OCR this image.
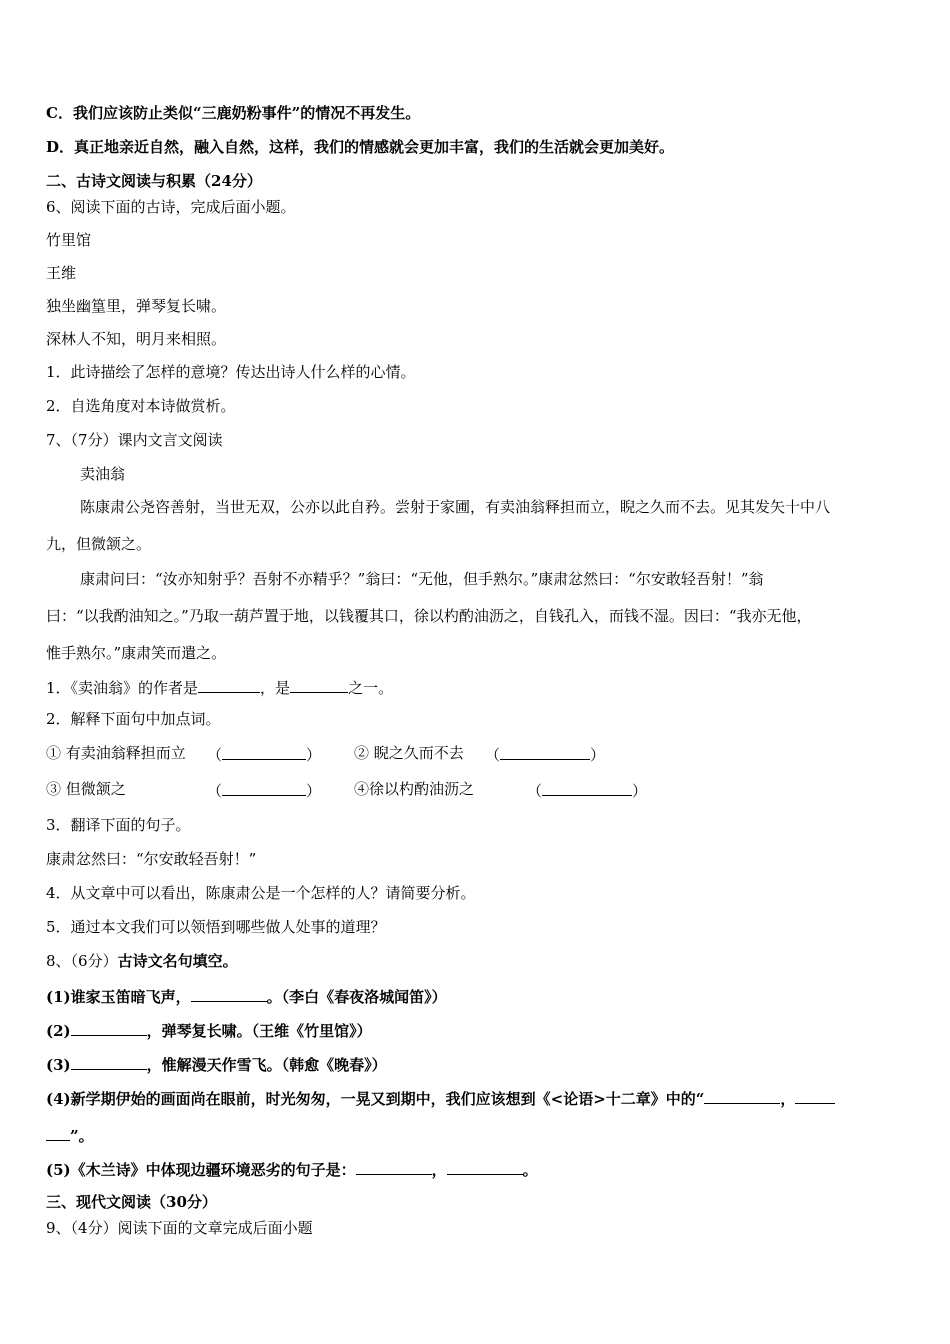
C．我们应该防止类似“三鹿奶粉事件”的情况不再发生。
D．真正地亲近自然，融入自然，这样，我们的情感就会更加丰富，我们的生活就会更加美好。
二、古诗文阅读与积累（24分）
6、阅读下面的古诗，完成后面小题。
竹里馆
王维
独坐幽篁里，弹琴复长啸。
深林人不知，明月来相照。
1．此诗描绘了怎样的意境？传达出诗人什么样的心情。
2．自选角度对本诗做赏析。
7、（7分）课内文言文阅读
卖油翁
陈康肃公尧咨善射，当世无双，公亦以此自矜。尝射于家圃，有卖油翁释担而立，睨之久而不去。见其发矢十中八
九，但微颔之。
康肃问曰：“汝亦知射乎？吾射不亦精乎？”翁曰：“无他，但手熟尔。”康肃忿然曰：“尔安敢轻吾射！”翁
曰：“以我酌油知之。”乃取一葫芦置于地，以钱覆其口，徐以杓酌油沥之，自钱孔入，而钱不湿。因曰：“我亦无他，
惟手熟尔。”康肃笑而遣之。
1．《卖油翁》的作者是	，是	之一。
2．解释下面句中加点词。
① 有卖油翁释担而立 （	） ② 睨之久而不去 （	）
③ 但微颔之	（	） ④徐以杓酌油沥之	（	）
3．翻译下面的句子。
康肃忿然曰：“尔安敢轻吾射！”
4．从文章中可以看出，陈康肃公是一个怎样的人？请简要分析。
5．通过本文我们可以领悟到哪些做人处事的道理？
8、（6分）古诗文名句填空。
(1)谁家玉笛暗飞声，	。（李白《春夜洛城闻笛》）
(2)	，弹琴复长啸。（王维《竹里馆》）
(3)	，惟解漫天作雪飞。（韩愈《晚春》）
(4)新学期伊始的画面尚在眼前，时光匆匆，一晃又到期中，我们应该想到《<论语>十二章》中的“	，
”。
(5)《木兰诗》中体现边疆环境恶劣的句子是：	，	。
三、现代文阅读（30分）
9、（4分）阅读下面的文章完成后面小题
